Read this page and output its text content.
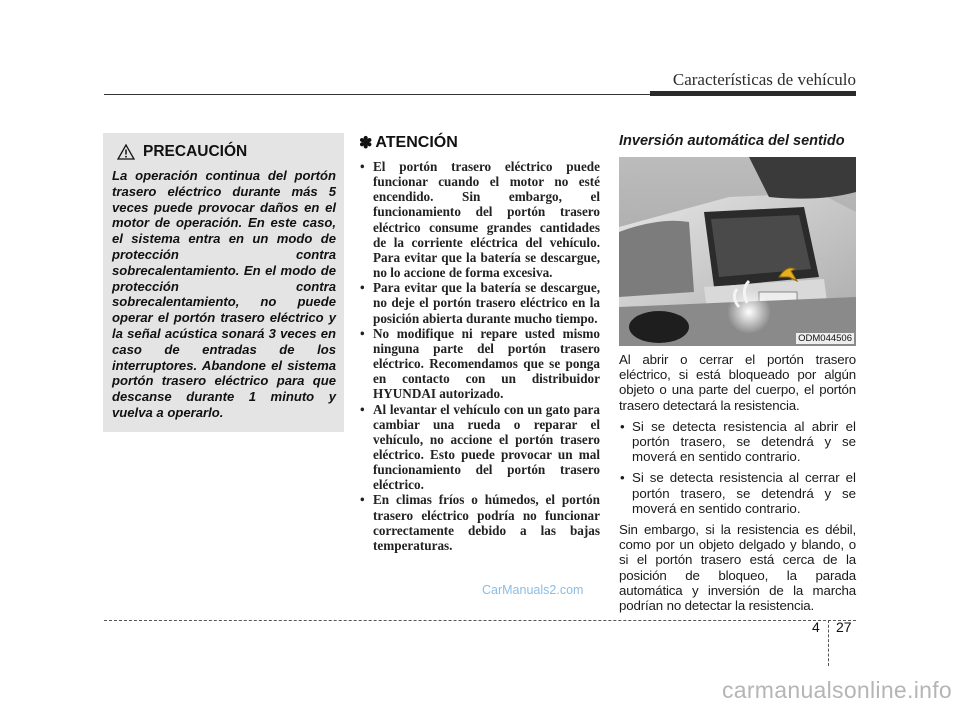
Características de vehículo
PRECAUCIÓN
La operación continua del portón trasero eléctrico durante más 5 veces puede provocar daños en el motor de operación. En este caso, el sistema entra en un modo de protección contra sobrecalentamiento. En el modo de protección contra sobrecalentamiento, no puede operar el portón trasero eléctrico y la señal acústica sonará 3 veces en caso de entradas de los interruptores. Abandone el sistema portón trasero eléctrico para que descanse durante 1 minuto y vuelva a operarlo.
✽ ATENCIÓN
• El portón trasero eléctrico puede funcionar cuando el motor no esté encendido. Sin embargo, el funcionamiento del portón trasero eléctrico consume grandes cantidades de la corriente eléctrica del vehículo. Para evitar que la batería se descargue, no lo accione de forma excesiva.
• Para evitar que la batería se descargue, no deje el portón trasero eléctrico en la posición abierta durante mucho tiempo.
• No modifique ni repare usted mismo ninguna parte del portón trasero eléctrico. Recomendamos que se ponga en contacto con un distribuidor HYUNDAI autorizado.
• Al levantar el vehículo con un gato para cambiar una rueda o reparar el vehículo, no accione el portón trasero eléctrico. Esto puede provocar un mal funcionamiento del portón trasero eléctrico.
• En climas fríos o húmedos, el portón trasero eléctrico podría no funcionar correctamente debido a las bajas temperaturas.
Inversión automática del sentido
ODM044506

Al abrir o cerrar el portón trasero eléctrico, si está bloqueado por algún objeto o una parte del cuerpo, el portón trasero detectará la resistencia.

• Si se detecta resistencia al abrir el portón trasero, se detendrá y se moverá en sentido contrario.
• Si se detecta resistencia al cerrar el portón trasero, se detendrá y se moverá en sentido contrario.

Sin embargo, si la resistencia es débil, como por un objeto delgado y blando, o si el portón trasero está cerca de la posición de bloqueo, la parada automática y inversión de la marcha podrían no detectar la resistencia.

CarManuals2.com
4 27
carmanualsonline.info
